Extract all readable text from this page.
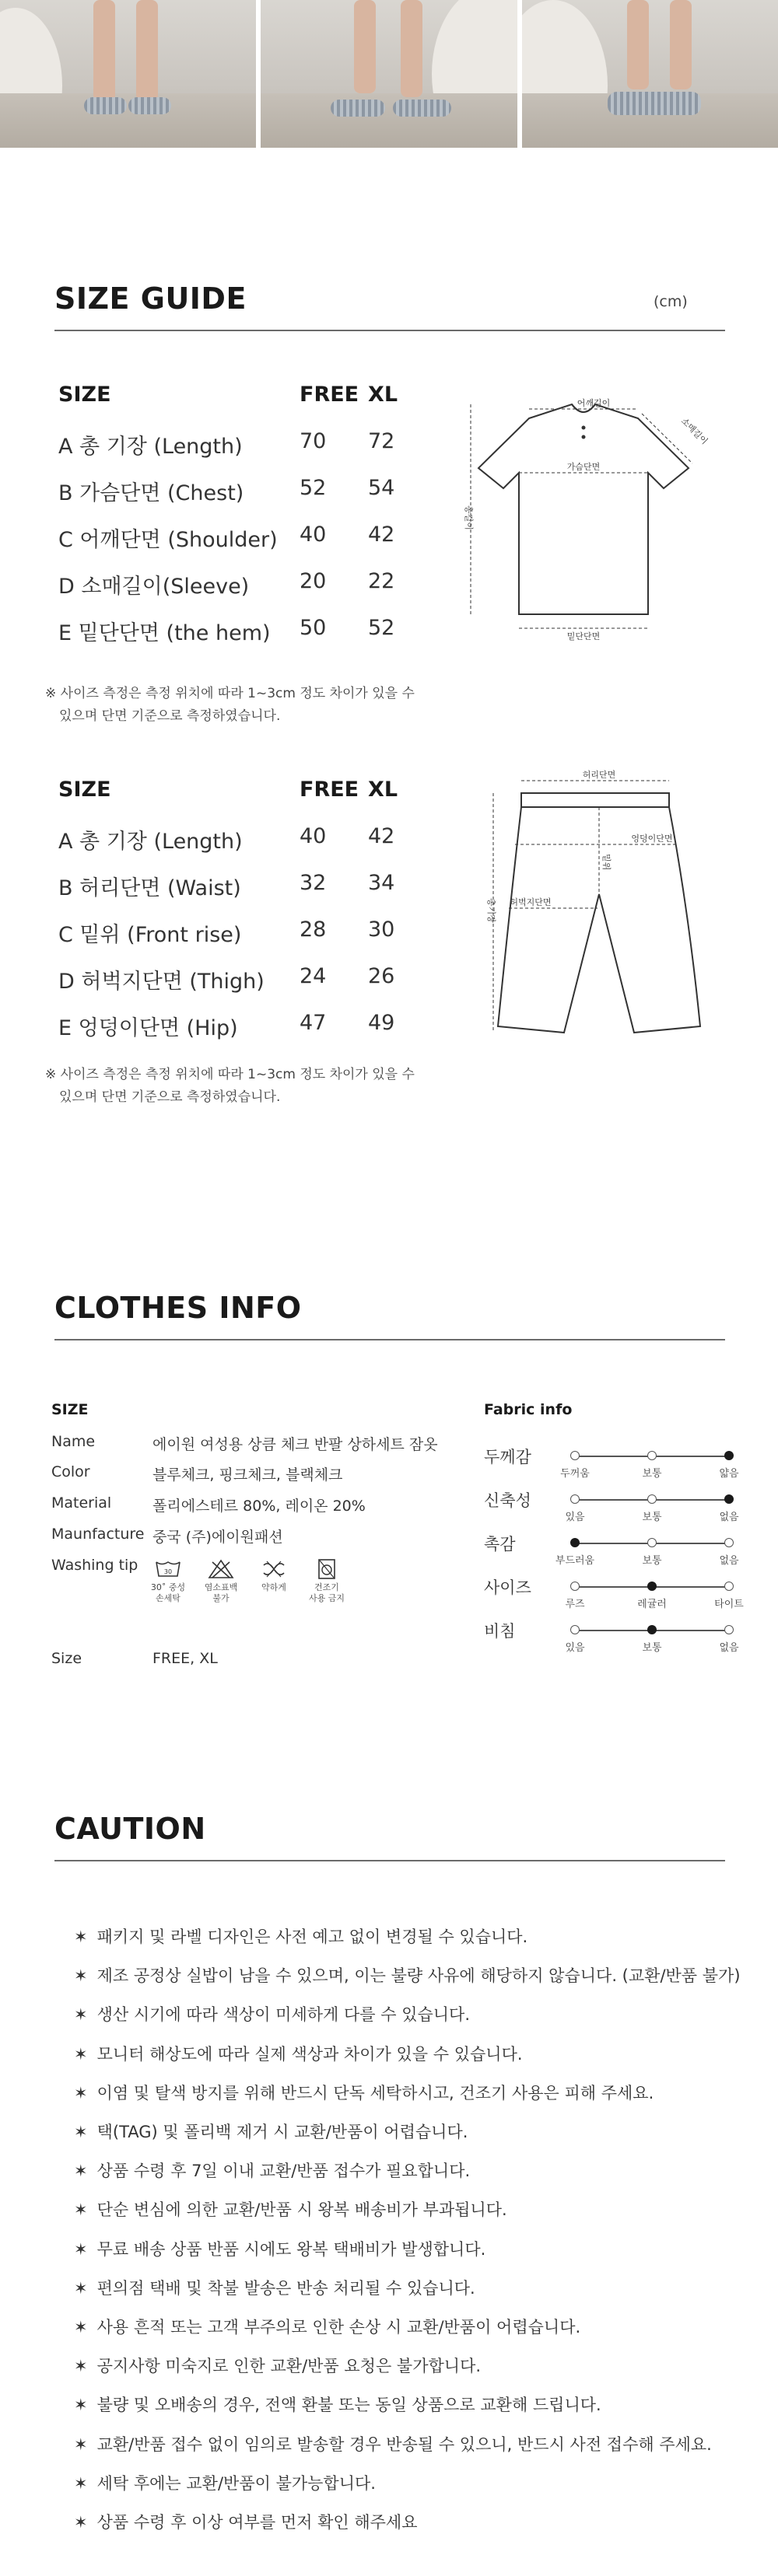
SIZE GUIDE	(cm)
SIZE	FREE XL
A 총 기장 (Length)	70 72
B 가슴단면 (Chest)	52 54
C 어깨단면 (Shoulder) 40 42
D 소매길이(Sleeve) 20 22
E 밑단단면 (the hem) 50 52
어깨길이
소매길이
가슴단면
총길이
밑단단면
※ 사이즈 측정은 측정 위치에 따라 1~3cm 정도 차이가 있을 수
있으며 단면 기준으로 측정하였습니다.
SIZE	FREE XL
A 총 기장 (Length)	40 42
B 허리단면 (Waist)	32 34
C 밑위 (Front rise)	28 30
D 허벅지단면 (Thigh) 24 26
E 엉덩이단면 (Hip)	47 49
허리단면
엉덩이단면
밑위
허벅지단면
총기장
※ 사이즈 측정은 측정 위치에 따라 1~3cm 정도 차이가 있을 수
있으며 단면 기준으로 측정하였습니다.
CLOTHES INFO
SIZE	Fabric info
Name	에이원 여성용 상큼 체크 반팔 상하세트 잠옷
Color	블루체크, 핑크체크, 블랙체크
Material	폴리에스테르 80%, 레이온 20%
Maunfacture 중국 (주)에이원패션
Washing tip	30
30˚ 중성
손세탁
염소표백
불가
약하게	건조기
사용 금지
Size	FREE, XL
두께감
두꺼움	보통	얇음
신축성
있음	보통	없음
촉감
부드러움	보통	없음
사이즈
루즈	레귤러	타이트
비침
있음	보통	없음
CAUTION
✶ 패키지 및 라벨 디자인은 사전 예고 없이 변경될 수 있습니다.
✶ 제조 공정상 실밥이 남을 수 있으며, 이는 불량 사유에 해당하지 않습니다. (교환/반품 불가)
✶ 생산 시기에 따라 색상이 미세하게 다를 수 있습니다.
✶ 모니터 해상도에 따라 실제 색상과 차이가 있을 수 있습니다.
✶ 이염 및 탈색 방지를 위해 반드시 단독 세탁하시고, 건조기 사용은 피해 주세요.
✶ 택(TAG) 및 폴리백 제거 시 교환/반품이 어렵습니다.
✶ 상품 수령 후 7일 이내 교환/반품 접수가 필요합니다.
✶ 단순 변심에 의한 교환/반품 시 왕복 배송비가 부과됩니다.
✶ 무료 배송 상품 반품 시에도 왕복 택배비가 발생합니다.
✶ 편의점 택배 및 착불 발송은 반송 처리될 수 있습니다.
✶ 사용 흔적 또는 고객 부주의로 인한 손상 시 교환/반품이 어렵습니다.
✶ 공지사항 미숙지로 인한 교환/반품 요청은 불가합니다.
✶ 불량 및 오배송의 경우, 전액 환불 또는 동일 상품으로 교환해 드립니다.
✶ 교환/반품 접수 없이 임의로 발송할 경우 반송될 수 있으니, 반드시 사전 접수해 주세요.
✶ 세탁 후에는 교환/반품이 불가능합니다.
✶ 상품 수령 후 이상 여부를 먼저 확인 해주세요
